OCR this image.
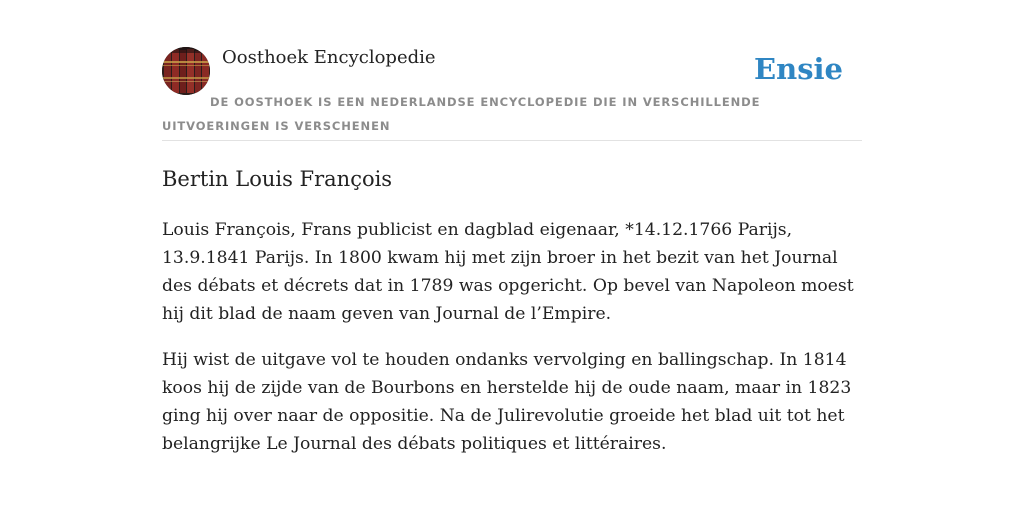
Oosthoek Encyclopedie	Ensie

DE OOSTHOEK IS EEN NEDERLANDSE ENCYCLOPEDIE DIE IN VERSCHILLENDE UITVOERINGEN IS VERSCHENEN

Bertin Louis François

Louis François, Frans publicist en dagblad eigenaar, *14.12.1766 Parijs, 13.9.1841 Parijs. In 1800 kwam hij met zijn broer in het bezit van het Journal des débats et décrets dat in 1789 was opgericht. Op bevel van Napoleon moest hij dit blad de naam geven van Journal de l’Empire.

Hij wist de uitgave vol te houden ondanks vervolging en ballingschap. In 1814 koos hij de zijde van de Bourbons en herstelde hij de oude naam, maar in 1823 ging hij over naar de oppositie. Na de Julirevolutie groeide het blad uit tot het belangrijke Le Journal des débats politiques et littéraires.
